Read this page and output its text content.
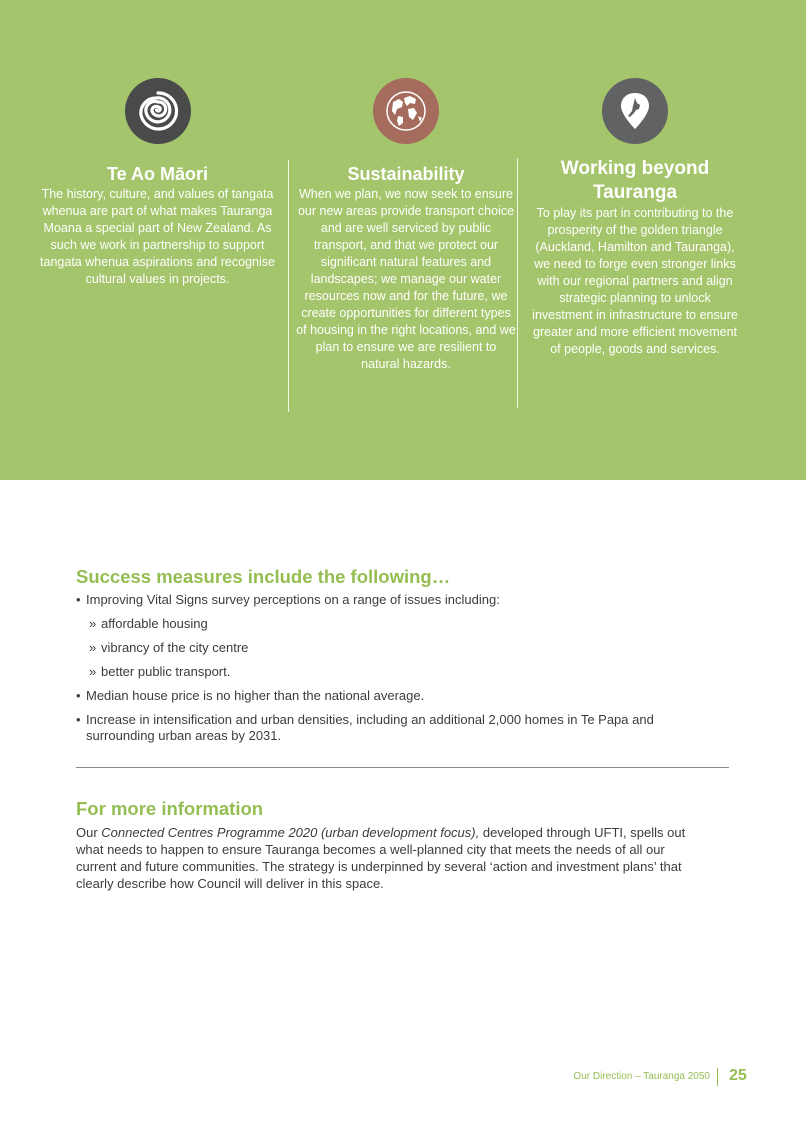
Te Ao Māori

The history, culture, and values of tangata whenua are part of what makes Tauranga Moana a special part of New Zealand. As such we work in partnership to support tangata whenua aspirations and recognise cultural values in projects.

Sustainability

When we plan, we now seek to ensure our new areas provide transport choice and are well serviced by public transport, and that we protect our significant natural features and landscapes; we manage our water resources now and for the future, we create opportunities for different types of housing in the right locations, and we plan to ensure we are resilient to natural hazards.

Working beyond
Tauranga

To play its part in contributing to the prosperity of the golden triangle (Auckland, Hamilton and Tauranga), we need to forge even stronger links with our regional partners and align strategic planning to unlock investment in infrastructure to ensure greater and more efficient movement of people, goods and services.

Success measures include the following…
• Improving Vital Signs survey perceptions on a range of issues including:
» affordable housing
» vibrancy of the city centre
» better public transport.
• Median house price is no higher than the national average.
• Increase in intensification and urban densities, including an additional 2,000 homes in Te Papa and
surrounding urban areas by 2031.
For more information

Our Connected Centres Programme 2020 (urban development focus), developed through UFTI, spells out
what needs to happen to ensure Tauranga becomes a well-planned city that meets the needs of all our
current and future communities. The strategy is underpinned by several ‘action and investment plans’ that
clearly describe how Council will deliver in this space.

Our Direction – Tauranga 2050 25
